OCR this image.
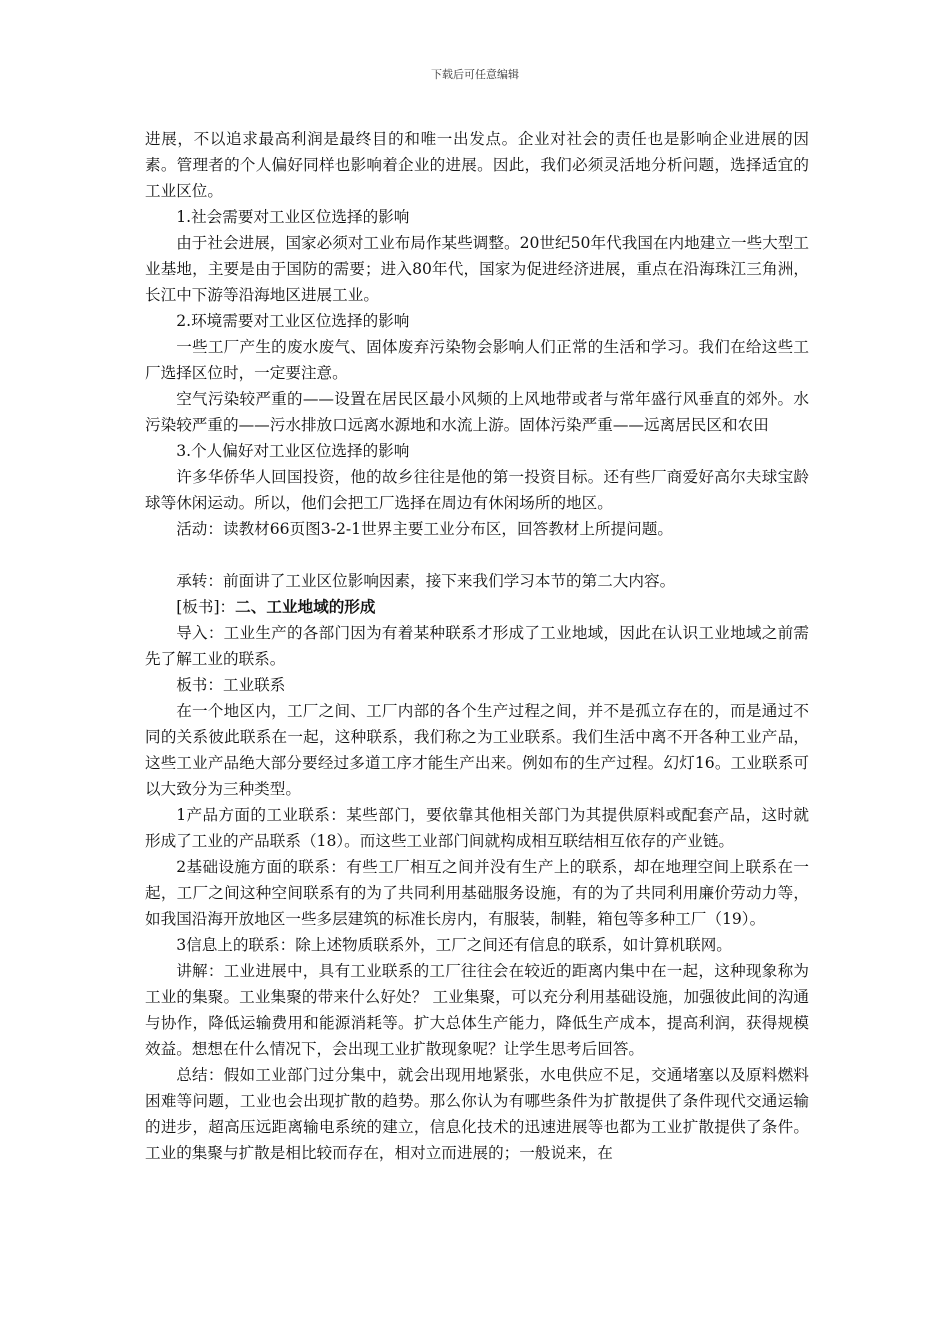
下载后可任意编辑

进展，不以追求最高利润是最终目的和唯一出发点。企业对社会的责任也是影响企业进展的因素。管理者的个人偏好同样也影响着企业的进展。因此，我们必须灵活地分析问题，选择适宜的工业区位。

1.社会需要对工业区位选择的影响

由于社会进展，国家必须对工业布局作某些调整。20世纪50年代我国在内地建立一些大型工业基地，主要是由于国防的需要；进入80年代，国家为促进经济进展，重点在沿海珠江三角洲，长江中下游等沿海地区进展工业。

2.环境需要对工业区位选择的影响

一些工厂产生的废水废气、固体废弃污染物会影响人们正常的生活和学习。我们在给这些工厂选择区位时，一定要注意。

空气污染较严重的——设置在居民区最小风频的上风地带或者与常年盛行风垂直的郊外。水污染较严重的——污水排放口远离水源地和水流上游。固体污染严重——远离居民区和农田

3.个人偏好对工业区位选择的影响

许多华侨华人回国投资，他的故乡往往是他的第一投资目标。还有些厂商爱好高尔夫球宝龄球等休闲运动。所以，他们会把工厂选择在周边有休闲场所的地区。

活动：读教材66页图3-2-1世界主要工业分布区，回答教材上所提问题。

承转：前面讲了工业区位影响因素，接下来我们学习本节的第二大内容。

[板书]：二、工业地域的形成

导入：工业生产的各部门因为有着某种联系才形成了工业地域，因此在认识工业地域之前需先了解工业的联系。

板书：工业联系

在一个地区内，工厂之间、工厂内部的各个生产过程之间，并不是孤立存在的，而是通过不同的关系彼此联系在一起，这种联系，我们称之为工业联系。我们生活中离不开各种工业产品，这些工业产品绝大部分要经过多道工序才能生产出来。例如布的生产过程。幻灯16。工业联系可以大致分为三种类型。

1产品方面的工业联系：某些部门，要依靠其他相关部门为其提供原料或配套产品，这时就形成了工业的产品联系（18）。而这些工业部门间就构成相互联结相互依存的产业链。

2基础设施方面的联系：有些工厂相互之间并没有生产上的联系，却在地理空间上联系在一起，工厂之间这种空间联系有的为了共同利用基础服务设施，有的为了共同利用廉价劳动力等，如我国沿海开放地区一些多层建筑的标准长房内，有服装，制鞋，箱包等多种工厂（19）。

3信息上的联系：除上述物质联系外，工厂之间还有信息的联系，如计算机联网。

讲解：工业进展中，具有工业联系的工厂往往会在较近的距离内集中在一起，这种现象称为工业的集聚。工业集聚的带来什么好处？ 工业集聚，可以充分利用基础设施，加强彼此间的沟通与协作，降低运输费用和能源消耗等。扩大总体生产能力，降低生产成本，提高利润，获得规模效益。想想在什么情况下，会出现工业扩散现象呢？让学生思考后回答。

总结：假如工业部门过分集中，就会出现用地紧张，水电供应不足，交通堵塞以及原料燃料困难等问题，工业也会出现扩散的趋势。那么你认为有哪些条件为扩散提供了条件现代交通运输的进步，超高压远距离输电系统的建立，信息化技术的迅速进展等也都为工业扩散提供了条件。工业的集聚与扩散是相比较而存在，相对立而进展的；一般说来，在
